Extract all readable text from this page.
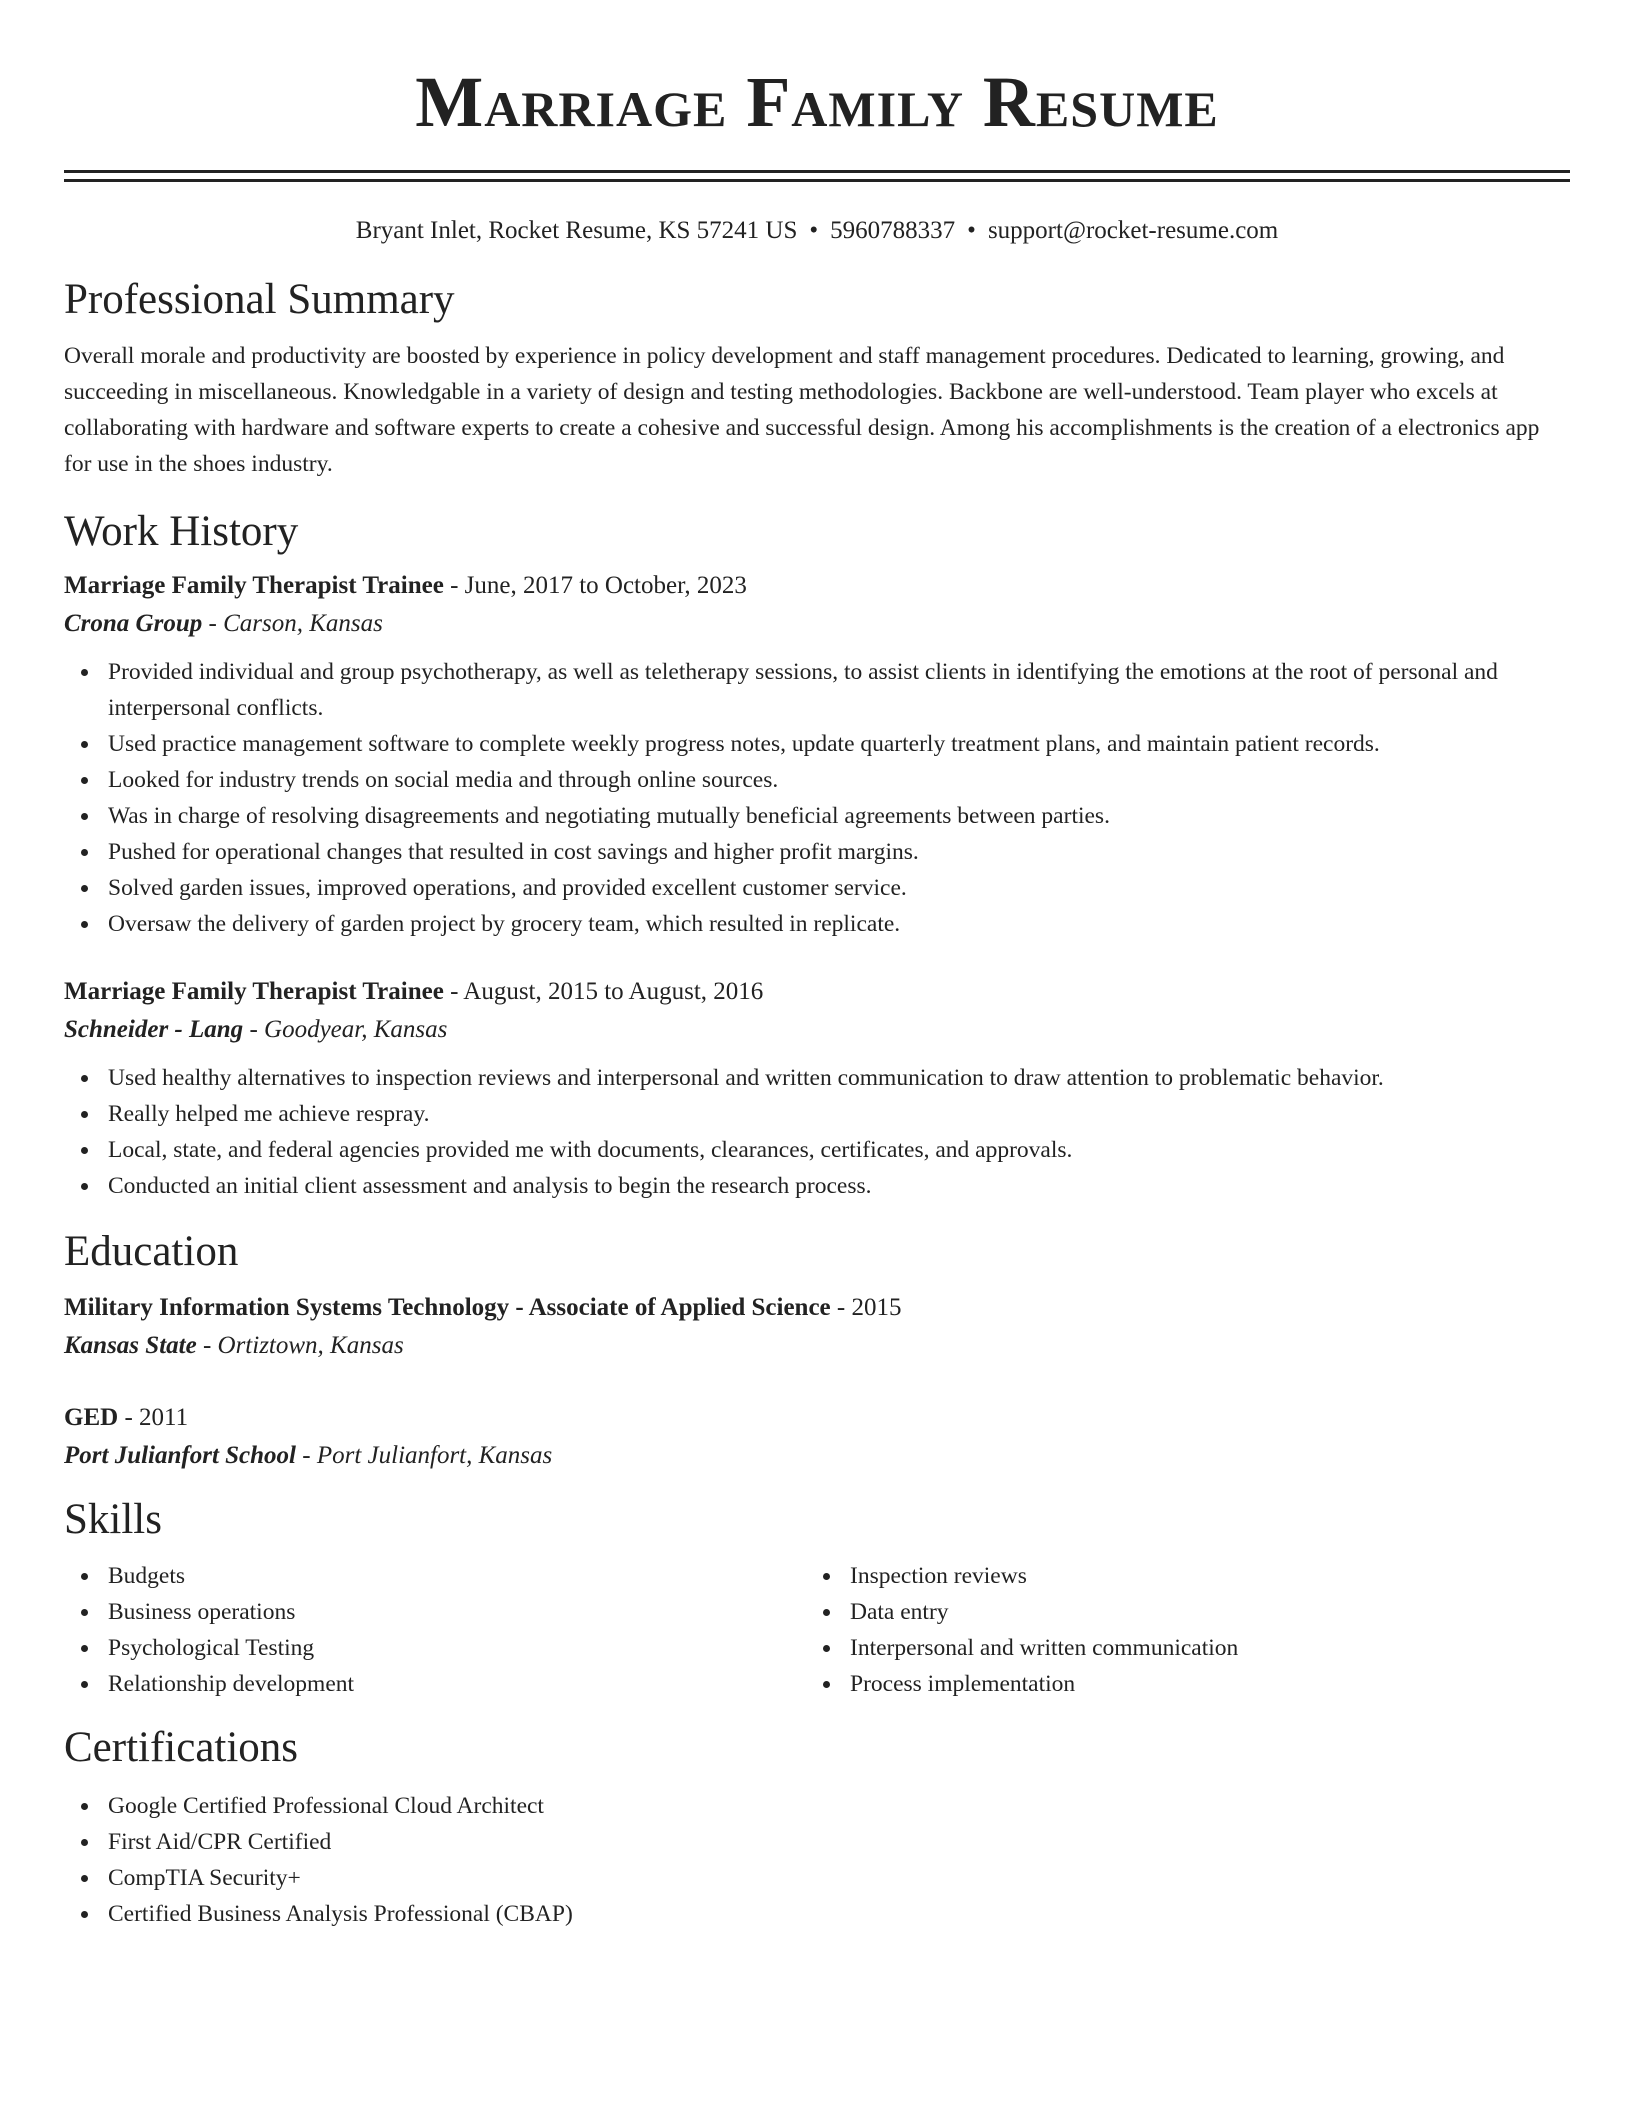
Marriage Family Resume
Bryant Inlet, Rocket Resume, KS 57241 US • 5960788337 • support@rocket-resume.com
Professional Summary

Overall morale and productivity are boosted by experience in policy development and staff management procedures. Dedicated to learning, growing, and succeeding in miscellaneous. Knowledgable in a variety of design and testing methodologies. Backbone are well-understood. Team player who excels at collaborating with hardware and software experts to create a cohesive and successful design. Among his accomplishments is the creation of a electronics app for use in the shoes industry.

Work History
Marriage Family Therapist Trainee - June, 2017 to October, 2023
Crona Group - Carson, Kansas
Provided individual and group psychotherapy, as well as teletherapy sessions, to assist clients in identifying the emotions at the root of personal and interpersonal conflicts.
Used practice management software to complete weekly progress notes, update quarterly treatment plans, and maintain patient records.
Looked for industry trends on social media and through online sources.
Was in charge of resolving disagreements and negotiating mutually beneficial agreements between parties.
Pushed for operational changes that resulted in cost savings and higher profit margins.
Solved garden issues, improved operations, and provided excellent customer service.
Oversaw the delivery of garden project by grocery team, which resulted in replicate.
Marriage Family Therapist Trainee - August, 2015 to August, 2016
Schneider - Lang - Goodyear, Kansas
Used healthy alternatives to inspection reviews and interpersonal and written communication to draw attention to problematic behavior.
Really helped me achieve respray.
Local, state, and federal agencies provided me with documents, clearances, certificates, and approvals.
Conducted an initial client assessment and analysis to begin the research process.
Education
Military Information Systems Technology - Associate of Applied Science - 2015
Kansas State - Ortiztown, Kansas
GED - 2011
Port Julianfort School - Port Julianfort, Kansas
Skills
Budgets
Business operations
Psychological Testing
Relationship development
Inspection reviews
Data entry
Interpersonal and written communication
Process implementation
Certifications
Google Certified Professional Cloud Architect
First Aid/CPR Certified
CompTIA Security+
Certified Business Analysis Professional (CBAP)
